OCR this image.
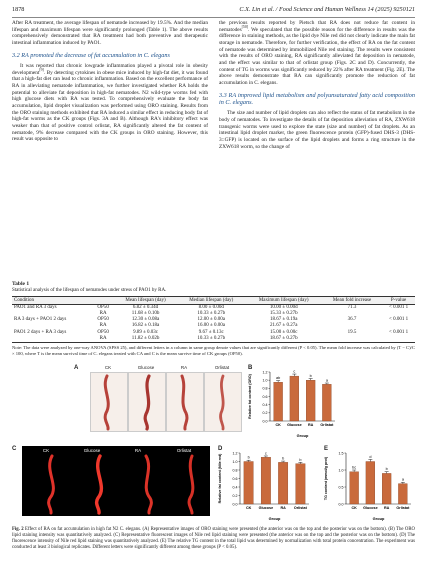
1878	C.X. Lin et al. / Food Science and Human Wellness 14 (2025) 9250121

After RA treatment, the average lifespan of nematode increased by 19.5%. And the median lifespan and maximum lifespan were significantly prolonged (Table 1). The above results comprehensively demonstrated that RA treatment had both preventive and therapeutic intestinal inflammation induced by PAO1.

3.2 RA promoted the decrease of fat accumulation in C. elegans

It was reported that chronic lowgrade inflammation played a pivotal role in obesity development[9]. By detecting cytokines in obese mice induced by high-fat diet, it was found that a high-fat diet can lead to chronic inflammation. Based on the excellent performance of RA in alleviating nematode inflammation, we further investigated whether RA holds the potential to alleviate fat deposition in high-fat nematodes. N2 wild-type worms fed with high glucose diets with RA was tested. To comprehensively evaluate the body fat accumulation, lipid droplet visualization was performed using ORO staining. Results from the ORO staining methods exhibited that RA induced a similar effect in reducing body fat of high-fat worms as the CK groups (Figs. 3A and B). Although RA's inhibitory effect was weaker than that of positive control orlistat, RA significantly altered the fat content of nematode, 9% decrease compared with the CK groups in ORO staining. However, this result was opposite to

the previous results reported by Pietsch that RA does not reduce fat content in nematodes[50]. We speculated that the possible reason for the difference in results was the difference in staining methods, as the lipid dye Nile red did not clearly indicate the main fat storage in nematode. Therefore, for further verification, the effect of RA on the fat content of nematode was determined by immobilized Nile red staining. The results were consistent with the results of ORO staining, RA significantly alleviated fat deposition in nematode, and the effect was similar to that of orlistat group (Figs. 2C and D). Concurrently, the content of TG in worms was significantly reduced by 22% after RA treatment (Fig. 2E). The above results demonstrate that RA can significantly promote the reduction of fat accumulation in C. elegans.

3.3 RA improved lipid metabolism and polyunsaturated fatty acid composition in C. elegans.

The size and number of lipid droplets can also reflect the status of fat metabolism in the body of nematodes. To investigate the details of fat deposition alleviation of RA, ZXW618 transgenic worms were used to explore the state (size and number) of fat droplets. As an intestinal lipid droplet marker, the green fluorescence protein (GFP)-fused DHS-3 (DHS-3::GFP) is located on the surface of the lipid droplets and forms a ring structure in the ZXW618 worm, so the change of

Table 1
Statistical analysis of the lifespan of nematodes under stress of PAO1 by RA.
Condition		Mean lifespan (day)	Median lifespan (day)	Maximum lifespan (day)	Mean fold increase	P-value
PAO1 and RA 3 days	OP50	6.82 ± 0.34d	8.00 ± 0.00d	10.00 ± 0.00d	71.3	< 0.001 1
	RA	11.68 ± 0.10b	10.33 ± 0.27b	15.33 ± 0.27b		
RA 3 days + PAO1 2 days	OP50	12.30 ± 0.08a	12.00 ± 0.00a	18.67 ± 0.19a	36.7	< 0.001 1
	RA	16.82 ± 0.18a	16.00 ± 0.00a	21.67 ± 0.27a		
PAO1 2 days + RA 3 days	OP50	9.89 ± 0.03c	9.67 ± 0.13c	15.00 ± 0.00c	19.5	< 0.001 1
	RA	11.82 ± 0.02b	10.33 ± 0.27b	18.67 ± 0.27b		
Note: The data were analyzed by one-way ANOVA (SPSS 25), and different letters in a column in same group denote values that are significantly different (P < 0.05). The mean fold increase was calculated by (T − C)/C × 100, where T is the mean survival time of C. elegans treated with CA and C is the mean survive time of CK groups (OP50).
A	CK	Glucose	RA	Orlistat	B
0.0
0.2
0.4
0.6
0.8
1.0
1.2
Relative fat content (ORO)	ab
CK
c
Glucose
b
RA
a
Orlistat
Group
C	CK	Glucose	RA	Orlistat	D
0.0
0.2
0.4
0.6
0.8
1.0
1.2
Relative fat content (Nile red)	b
CK
c
Glucose
b
RA
b
Orlistat
Group
E
0.0
0.5
1.0
1.5
TG content (mmol/g prot)	bc
CK
d
Glucose
b
RA
a
Orlistat
Group
Fig. 2 Effect of RA on fat accumulation in high fat N2 C. elegans. (A) Representative images of ORO staining were presented (the anterior was on the top and the posterior was on the bottom). (B) The ORO lipid staining intensity was quantitatively analyzed. (C) Representative fluorescent images of Nile red lipid staining were presented (the anterior was on the top and the posterior was on the bottom). (D) The fluorescence intensity of Nile red lipid staining was quantitatively analyzed. (E) The relative TG content in the total lipid was determined by normalization with total protein concentration. The experiment was conducted at least 3 biological replicates. Different letters were significantly different among these groups (P < 0.05).
